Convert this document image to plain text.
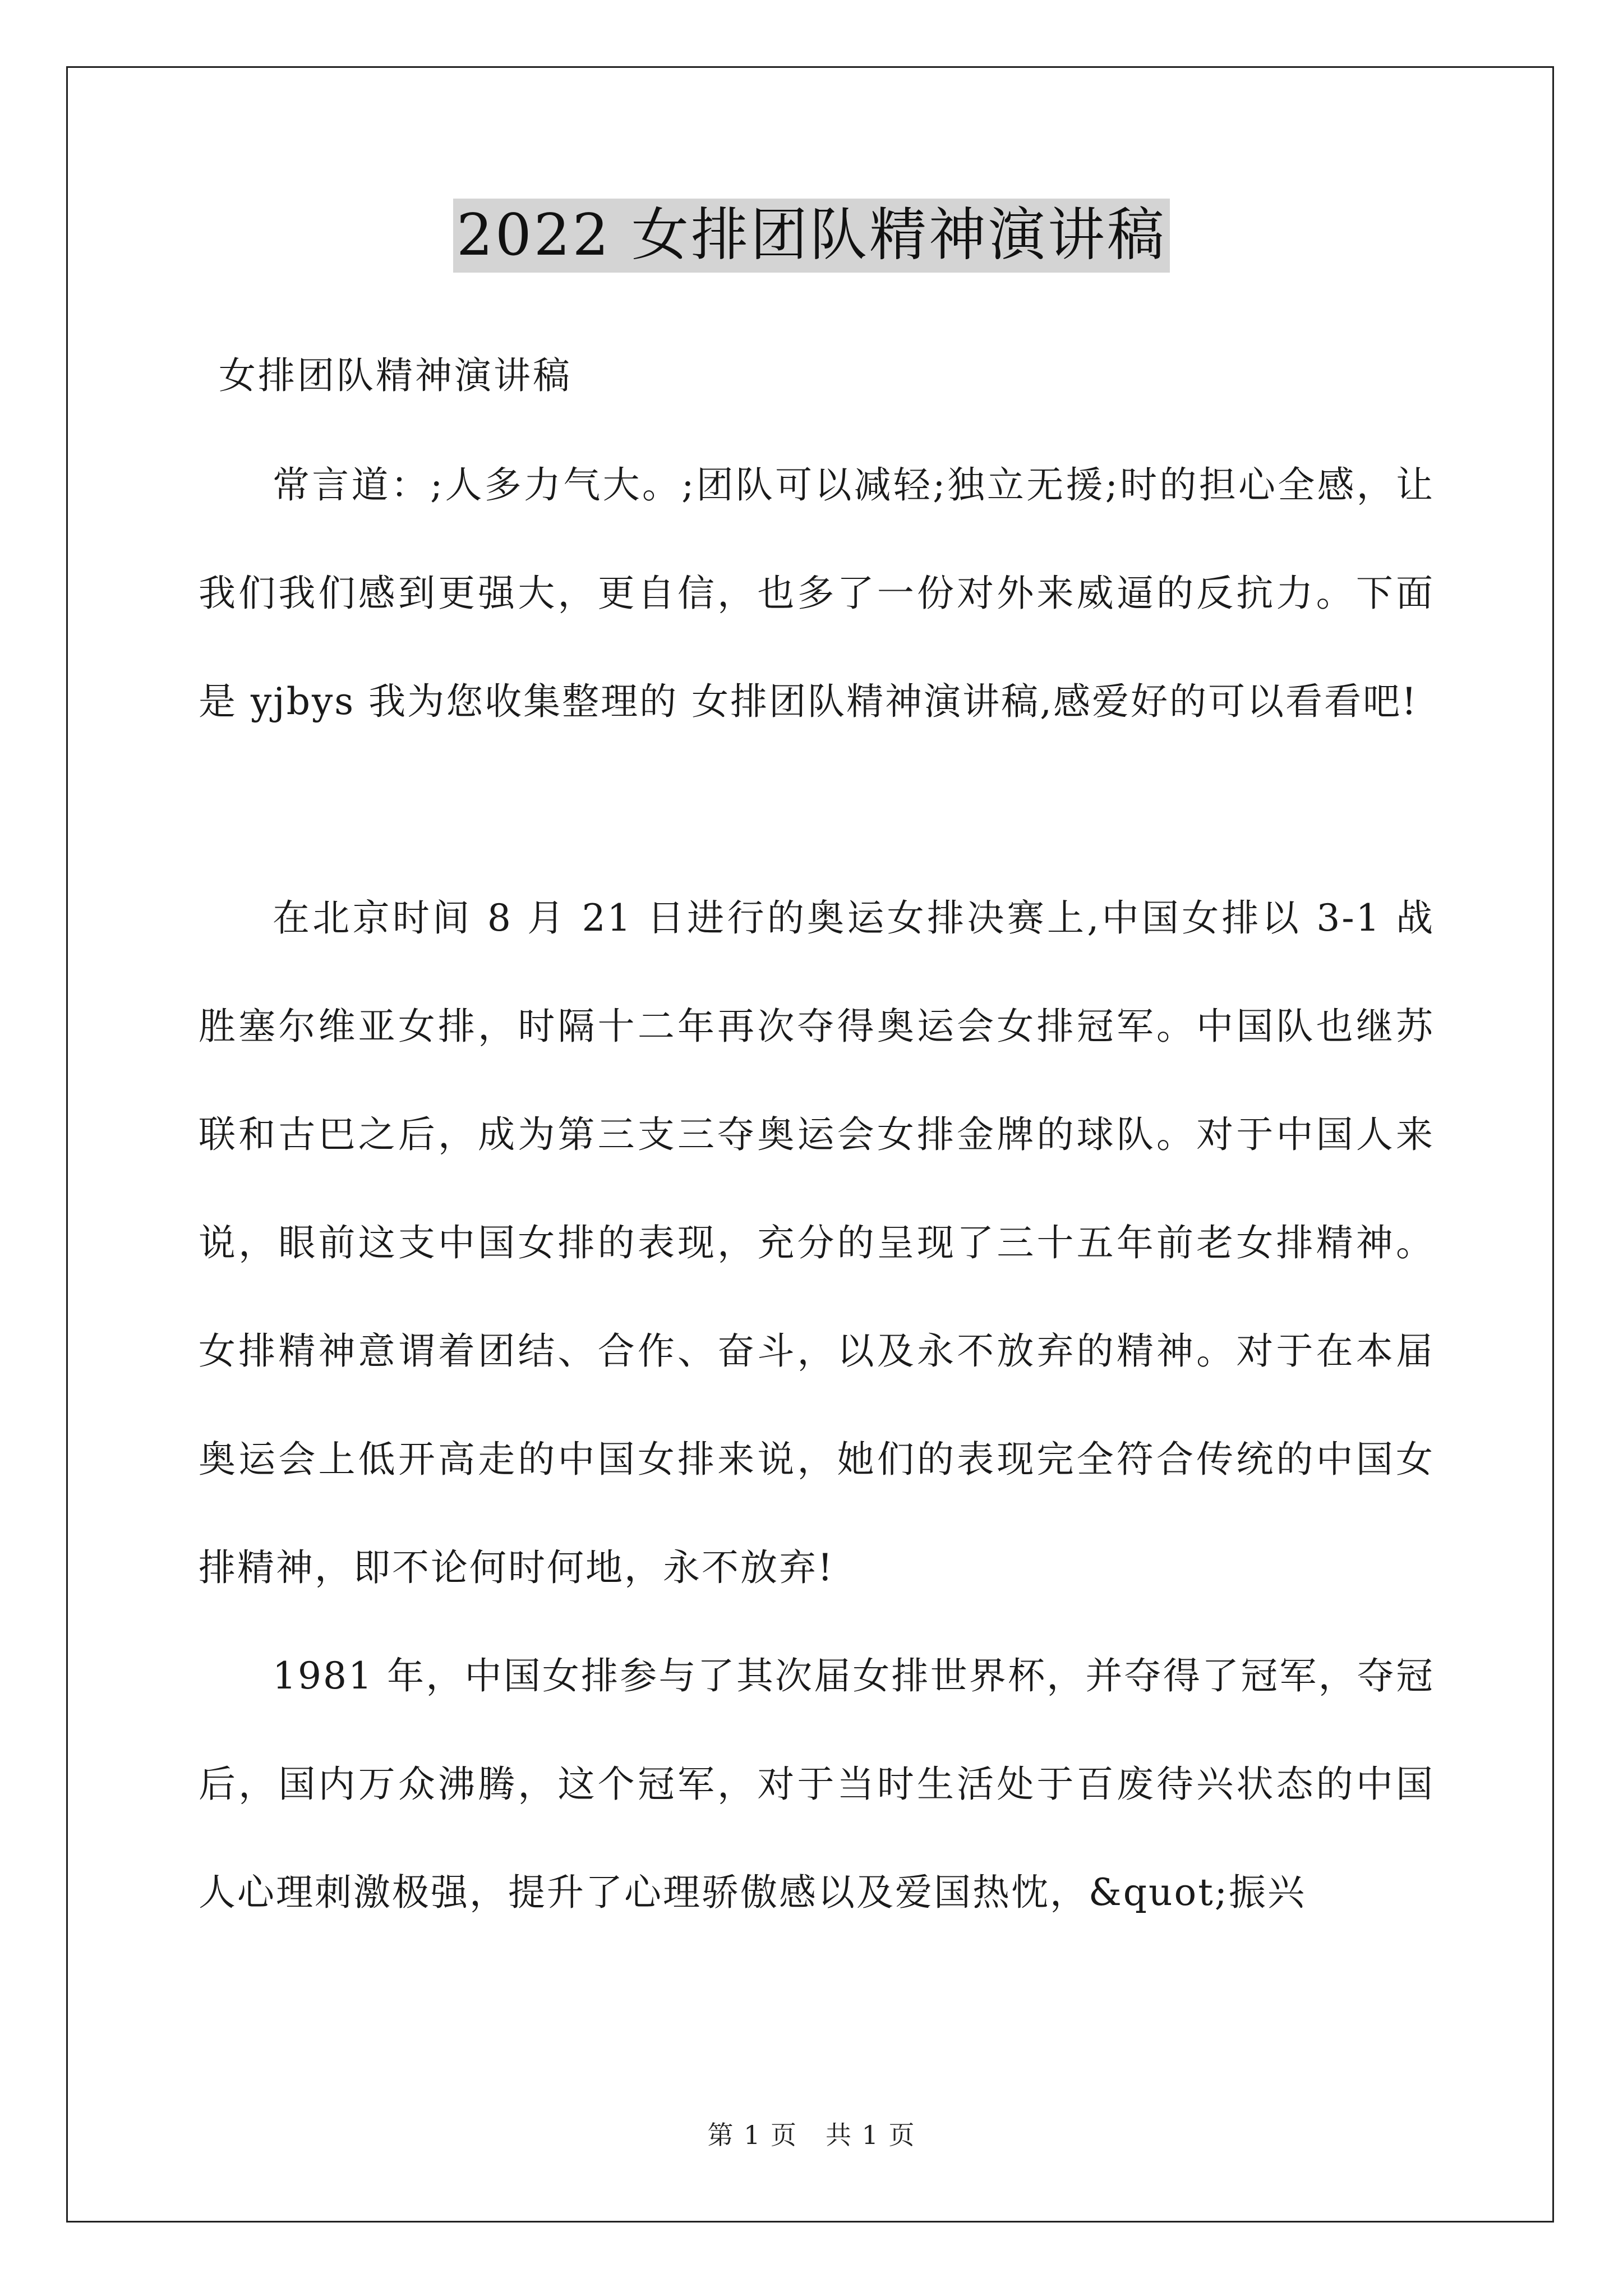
2022 女排团队精神演讲稿

女排团队精神演讲稿

常言道：;人多力气大。;团队可以减轻;独立无援;时的担心全感，让我们我们感到更强大，更自信，也多了一份对外来威逼的反抗力。下面是 yjbys 我为您收集整理的 女排团队精神演讲稿,感爱好的可以看看吧!

在北京时间 8 月 21 日进行的奥运女排决赛上,中国女排以 3-1 战胜塞尔维亚女排，时隔十二年再次夺得奥运会女排冠军。中国队也继苏联和古巴之后，成为第三支三夺奥运会女排金牌的球队。对于中国人来说，眼前这支中国女排的表现，充分的呈现了三十五年前老女排精神。女排精神意谓着团结、合作、奋斗，以及永不放弃的精神。对于在本届奥运会上低开高走的中国女排来说，她们的表现完全符合传统的中国女排精神，即不论何时何地，永不放弃!

1981 年，中国女排参与了其次届女排世界杯，并夺得了冠军，夺冠后，国内万众沸腾，这个冠军，对于当时生活处于百废待兴状态的中国人心理刺激极强，提升了心理骄傲感以及爱国热忱，&quot;振兴

第 1 页 共 1 页
